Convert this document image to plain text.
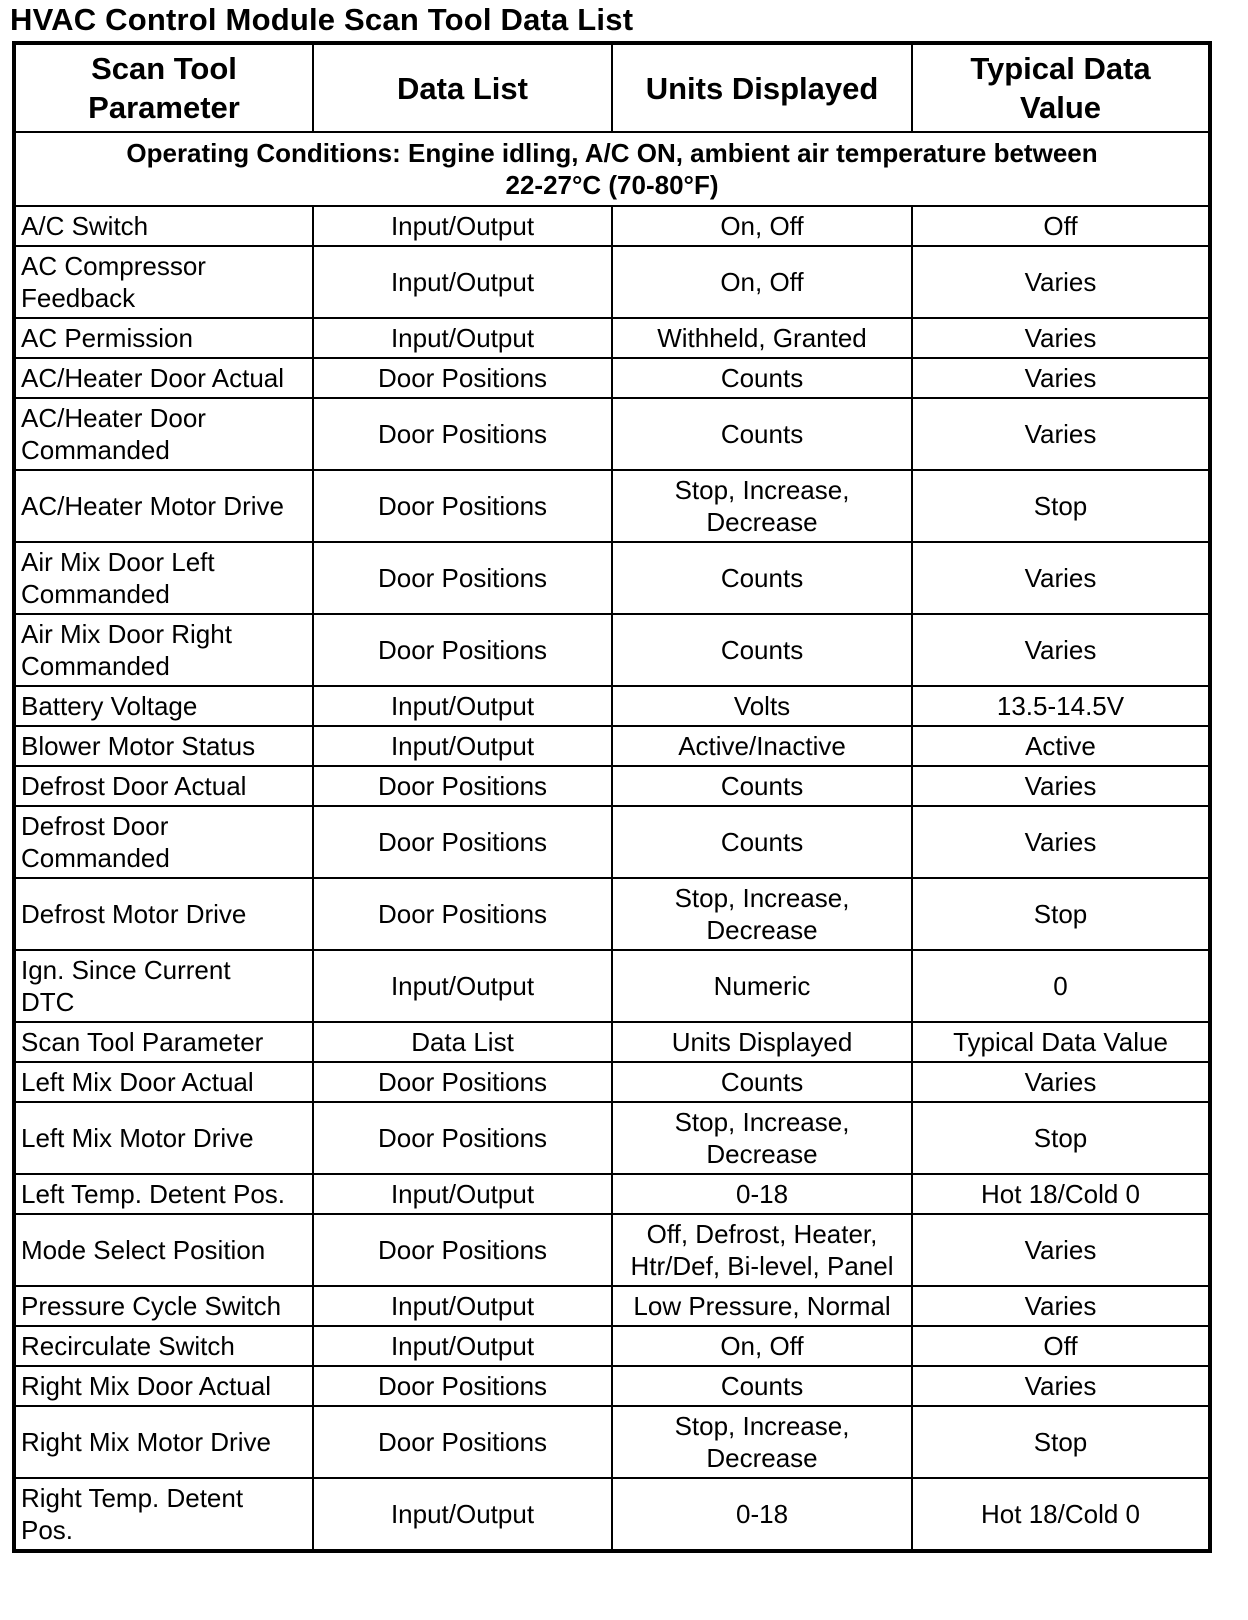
HVAC Control Module Scan Tool Data List
Scan Tool
Parameter	Data List	Units Displayed	Typical Data
Value

Operating Conditions: Engine idling, A/C ON, ambient air temperature between
22-27°C (70-80°F)			

A/C Switch	Input/Output	On, Off	Off

AC Compressor
Feedback	Input/Output	On, Off	Varies

AC Permission	Input/Output	Withheld, Granted	Varies

AC/Heater Door Actual	Door Positions	Counts	Varies

AC/Heater Door
Commanded	Door Positions	Counts	Varies

AC/Heater Motor Drive	Door Positions	Stop, Increase,
Decrease	Stop

Air Mix Door Left
Commanded	Door Positions	Counts	Varies

Air Mix Door Right
Commanded	Door Positions	Counts	Varies

Battery Voltage	Input/Output	Volts	13.5-14.5V

Blower Motor Status	Input/Output	Active/Inactive	Active

Defrost Door Actual	Door Positions	Counts	Varies

Defrost Door
Commanded	Door Positions	Counts	Varies

Defrost Motor Drive	Door Positions	Stop, Increase,
Decrease	Stop

Ign. Since Current
DTC	Input/Output	Numeric	0

Scan Tool Parameter	Data List	Units Displayed	Typical Data Value

Left Mix Door Actual	Door Positions	Counts	Varies

Left Mix Motor Drive	Door Positions	Stop, Increase,
Decrease	Stop

Left Temp. Detent Pos.	Input/Output	0-18	Hot 18/Cold 0

Mode Select Position	Door Positions	Off, Defrost, Heater,
Htr/Def, Bi-level, Panel	Varies

Pressure Cycle Switch	Input/Output	Low Pressure, Normal	Varies

Recirculate Switch	Input/Output	On, Off	Off

Right Mix Door Actual	Door Positions	Counts	Varies

Right Mix Motor Drive	Door Positions	Stop, Increase,
Decrease	Stop

Right Temp. Detent
Pos.	Input/Output	0-18	Hot 18/Cold 0
